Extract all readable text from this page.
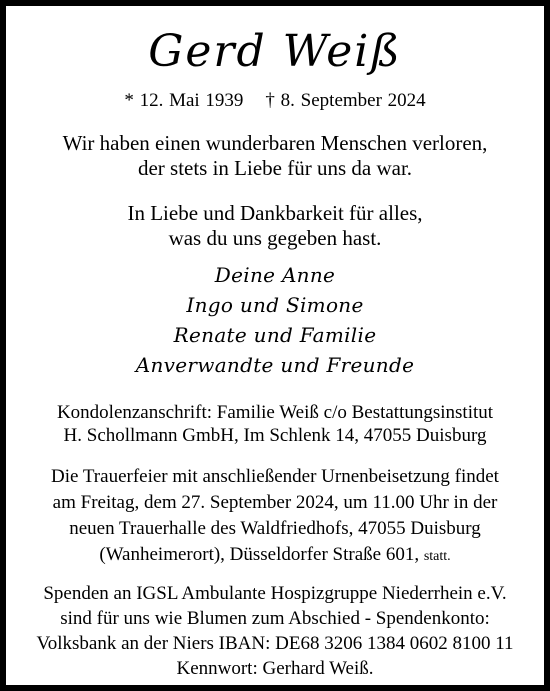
Gerd Weiß
* 12. Mai 1939 † 8. September 2024
Wir haben einen wunderbaren Menschen verloren,
der stets in Liebe für uns da war.
In Liebe und Dankbarkeit für alles,
was du uns gegeben hast.
Deine Anne
Ingo und Simone
Renate und Familie
Anverwandte und Freunde
Kondolenzanschrift: Familie Weiß c/o Bestattungsinstitut
H. Schollmann GmbH, Im Schlenk 14, 47055 Duisburg
Die Trauerfeier mit anschließender Urnenbeisetzung findet
am Freitag, dem 27. September 2024, um 11.00 Uhr in der
neuen Trauerhalle des Waldfriedhofs, 47055 Duisburg
(Wanheimerort), Düsseldorfer Straße 601, statt.
Spenden an IGSL Ambulante Hospizgruppe Niederrhein e.V.
sind für uns wie Blumen zum Abschied - Spendenkonto:
Volksbank an der Niers IBAN: DE68 3206 1384 0602 8100 11
Kennwort: Gerhard Weiß.
